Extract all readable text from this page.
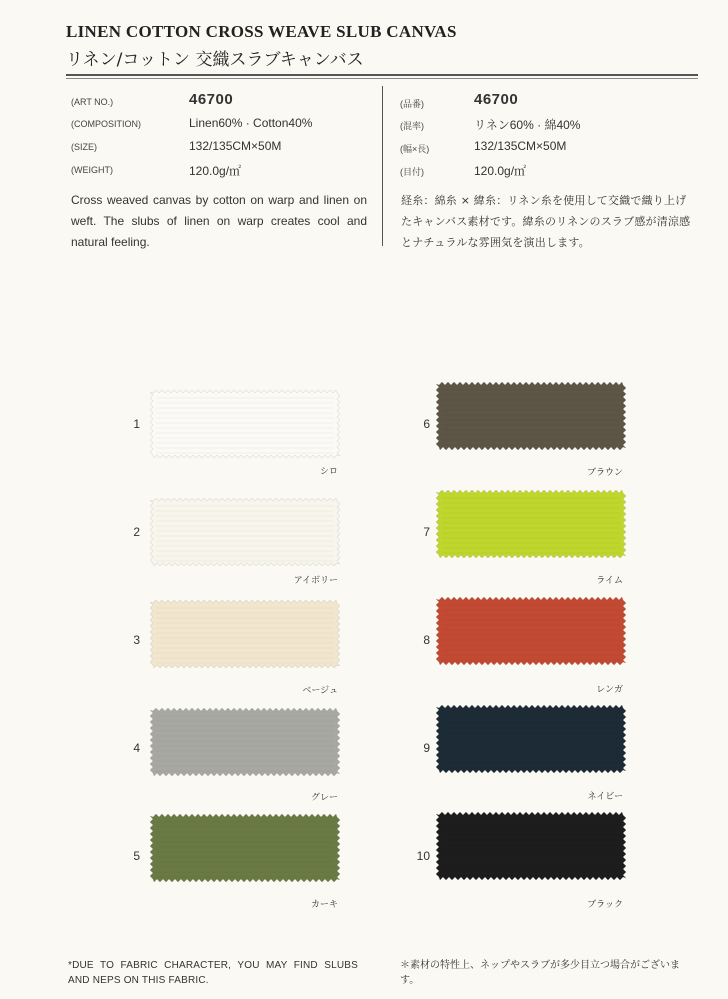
LINEN COTTON CROSS WEAVE SLUB CANVAS
リネン/コットン 交織スラブキャンバス
(ART NO.)	46700
(COMPOSITION)	Linen60% · Cotton40%
(SIZE)	132/135CM×50M
(WEIGHT)	120.0g/㎡
(品番)	46700
(混率)	リネン60% · 綿40%
(幅×長)	132/135CM×50M
(目付)	120.0g/㎡
Cross weaved canvas by cotton on warp and linen on weft. The slubs of linen on warp creates cool and natural feeling.
経糸：綿糸 × 緯糸：リネン糸を使用して交織で織り上げたキャンバス素材です。緯糸のリネンのスラブ感が清涼感とナチュラルな雰囲気を演出します。
1
シロ
2
アイボリー
3
ベージュ
4
グレー
5
カーキ
6
ブラウン
7
ライム
8
レンガ
9
ネイビー
10
ブラック
*DUE TO FABRIC CHARACTER, YOU MAY FIND SLUBS AND NEPS ON THIS FABRIC.
＊素材の特性上、ネップやスラブが多少目立つ場合がございます。
